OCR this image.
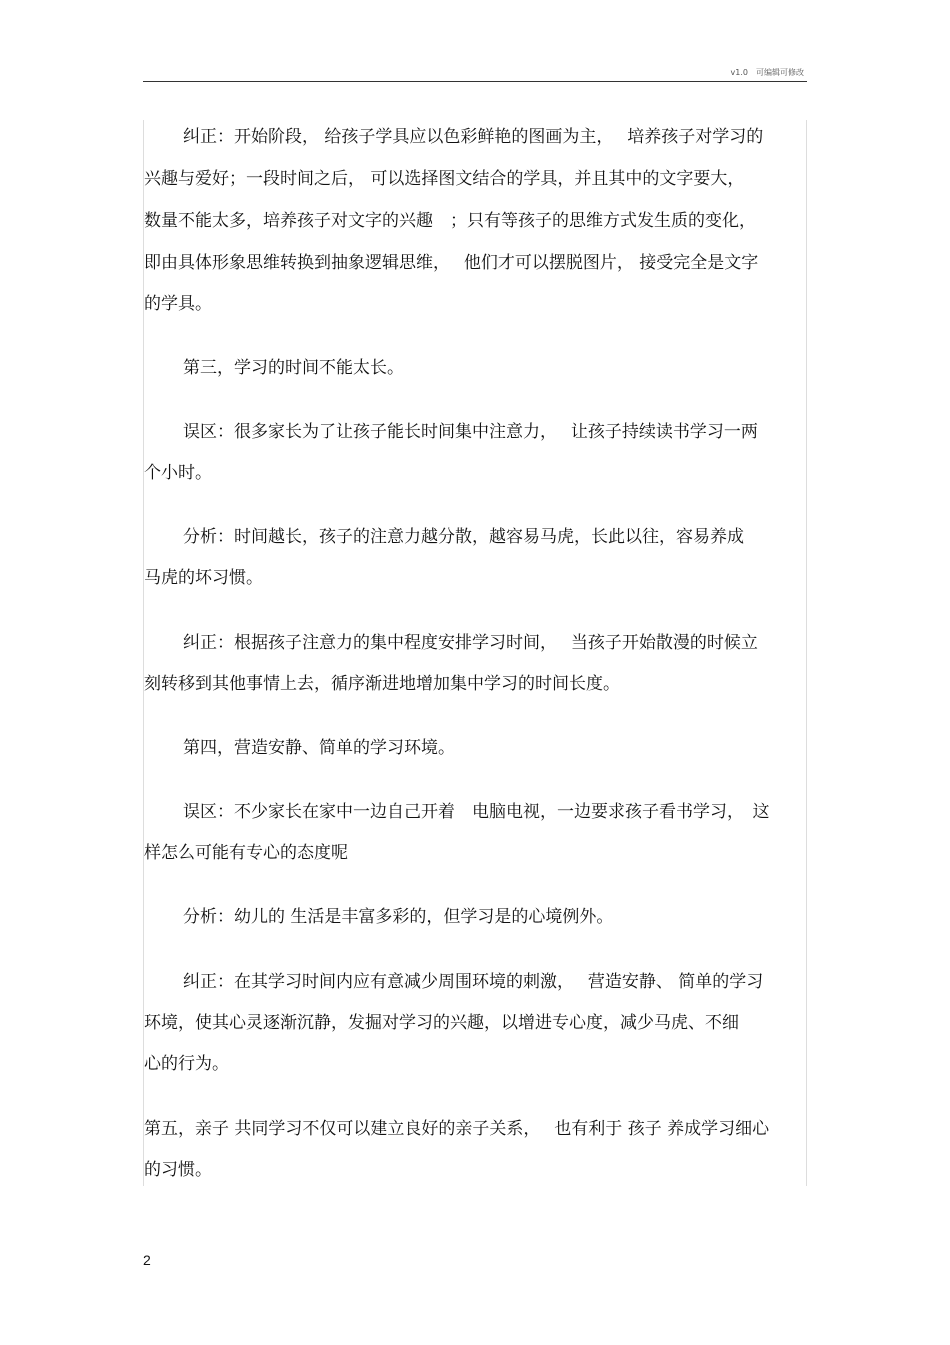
v1.0　可编辑可修改
纠正：开始阶段， 给孩子学具应以色彩鲜艳的图画为主，　 培养孩子对学习的
兴趣与爱好；一段时间之后， 可以选择图文结合的学具，并且其中的文字要大，
数量不能太多，培养孩子对文字的兴趣　；只有等孩子的思维方式发生质的变化，
即由具体形象思维转换到抽象逻辑思维，　 他们才可以摆脱图片， 接受完全是文字
的学具。
第三，学习的时间不能太长。
误区：很多家长为了让孩子能长时间集中注意力，　 让孩子持续读书学习一两
个小时。
分析：时间越长，孩子的注意力越分散，越容易马虎，长此以往，容易养成
马虎的坏习惯。
纠正：根据孩子注意力的集中程度安排学习时间，　 当孩子开始散漫的时候立
刻转移到其他事情上去，循序渐进地增加集中学习的时间长度。
第四，营造安静、简单的学习环境。
误区：不少家长在家中一边自己开着　电脑电视，一边要求孩子看书学习，　这
样怎么可能有专心的态度呢
分析：幼儿的 生活是丰富多彩的，但学习是的心境例外。
纠正：在其学习时间内应有意减少周围环境的刺激，　 营造安静、 简单的学习
环境，使其心灵逐渐沉静，发掘对学习的兴趣，以增进专心度，减少马虎、不细
心的行为。
第五，亲子 共同学习不仅可以建立良好的亲子关系，　 也有利于 孩子 养成学习细心
的习惯。
2
